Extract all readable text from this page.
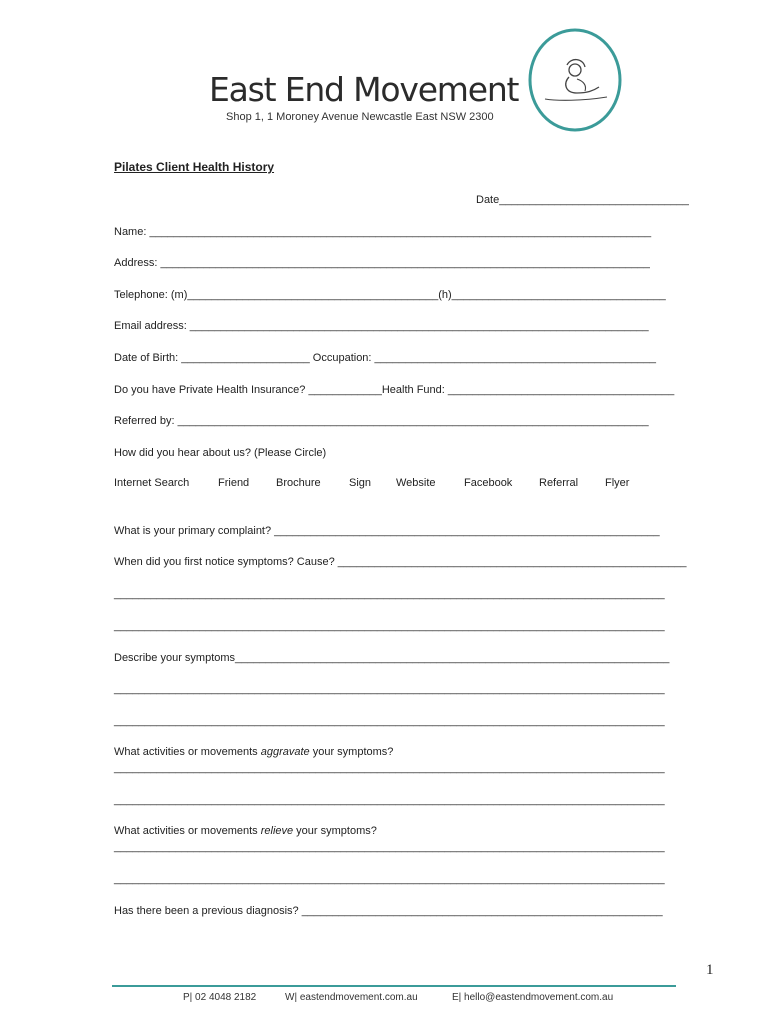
East End Movement
Shop 1, 1 Moroney Avenue Newcastle East NSW 2300
Pilates Client Health History
Date_______________________________
Name: __________________________________________________________________________________
Address: ________________________________________________________________________________
Telephone: (m)_________________________________________(h)___________________________________
Email address: ___________________________________________________________________________
Date of Birth: _____________________ Occupation: ______________________________________________
Do you have Private Health Insurance? ____________Health Fund: _____________________________________
Referred by: _____________________________________________________________________________
How did you hear about us? (Please Circle)
Internet Search	Friend Brochure	Sign Website	Facebook Referral Flyer
What is your primary complaint? _______________________________________________________________
When did you first notice symptoms? Cause? _________________________________________________________
__________________________________________________________________________________________
__________________________________________________________________________________________
Describe your symptoms_______________________________________________________________________
__________________________________________________________________________________________
__________________________________________________________________________________________
What activities or movements aggravate your symptoms?
__________________________________________________________________________________________
__________________________________________________________________________________________
What activities or movements relieve your symptoms?
__________________________________________________________________________________________
__________________________________________________________________________________________
Has there been a previous diagnosis? ___________________________________________________________
1
P| 02 4048 2182	W| eastendmovement.com.au	E| hello@eastendmovement.com.au
